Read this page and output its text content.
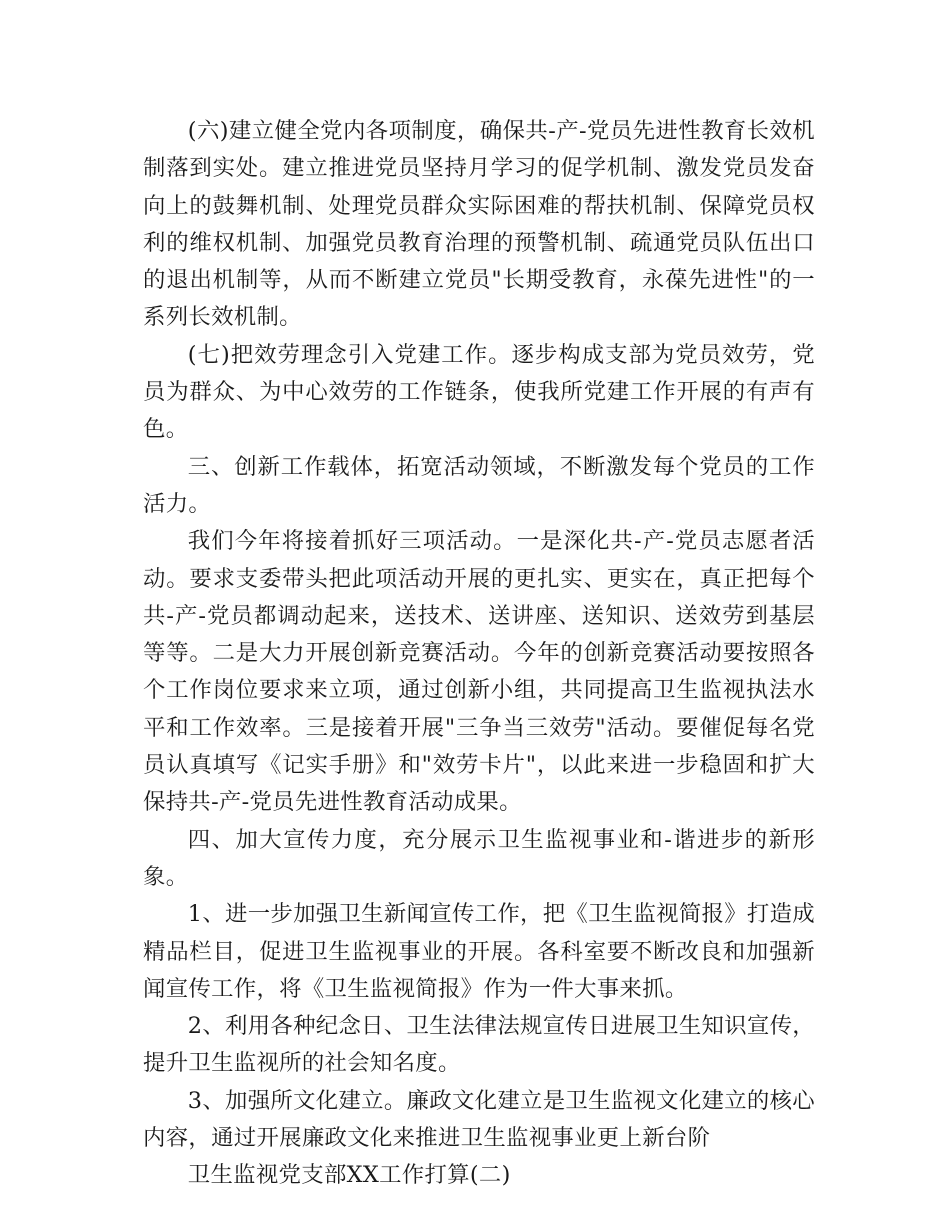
(六)建立健全党内各项制度，确保共-产-党员先进性教育长效机制落到实处。建立推进党员坚持月学习的促学机制、激发党员发奋向上的鼓舞机制、处理党员群众实际困难的帮扶机制、保障党员权利的维权机制、加强党员教育治理的预警机制、疏通党员队伍出口的退出机制等，从而不断建立党员"长期受教育，永葆先进性"的一系列长效机制。

(七)把效劳理念引入党建工作。逐步构成支部为党员效劳，党员为群众、为中心效劳的工作链条，使我所党建工作开展的有声有色。

三、创新工作载体，拓宽活动领域，不断激发每个党员的工作活力。

我们今年将接着抓好三项活动。一是深化共-产-党员志愿者活动。要求支委带头把此项活动开展的更扎实、更实在，真正把每个共-产-党员都调动起来，送技术、送讲座、送知识、送效劳到基层等等。二是大力开展创新竞赛活动。今年的创新竞赛活动要按照各个工作岗位要求来立项，通过创新小组，共同提高卫生监视执法水平和工作效率。三是接着开展"三争当三效劳"活动。要催促每名党员认真填写《记实手册》和"效劳卡片"，以此来进一步稳固和扩大保持共-产-党员先进性教育活动成果。

四、加大宣传力度，充分展示卫生监视事业和-谐进步的新形象。

1、进一步加强卫生新闻宣传工作，把《卫生监视简报》打造成精品栏目，促进卫生监视事业的开展。各科室要不断改良和加强新闻宣传工作，将《卫生监视简报》作为一件大事来抓。

2、利用各种纪念日、卫生法律法规宣传日进展卫生知识宣传，提升卫生监视所的社会知名度。

3、加强所文化建立。廉政文化建立是卫生监视文化建立的核心内容，通过开展廉政文化来推进卫生监视事业更上新台阶

卫生监视党支部XX工作打算(二)
